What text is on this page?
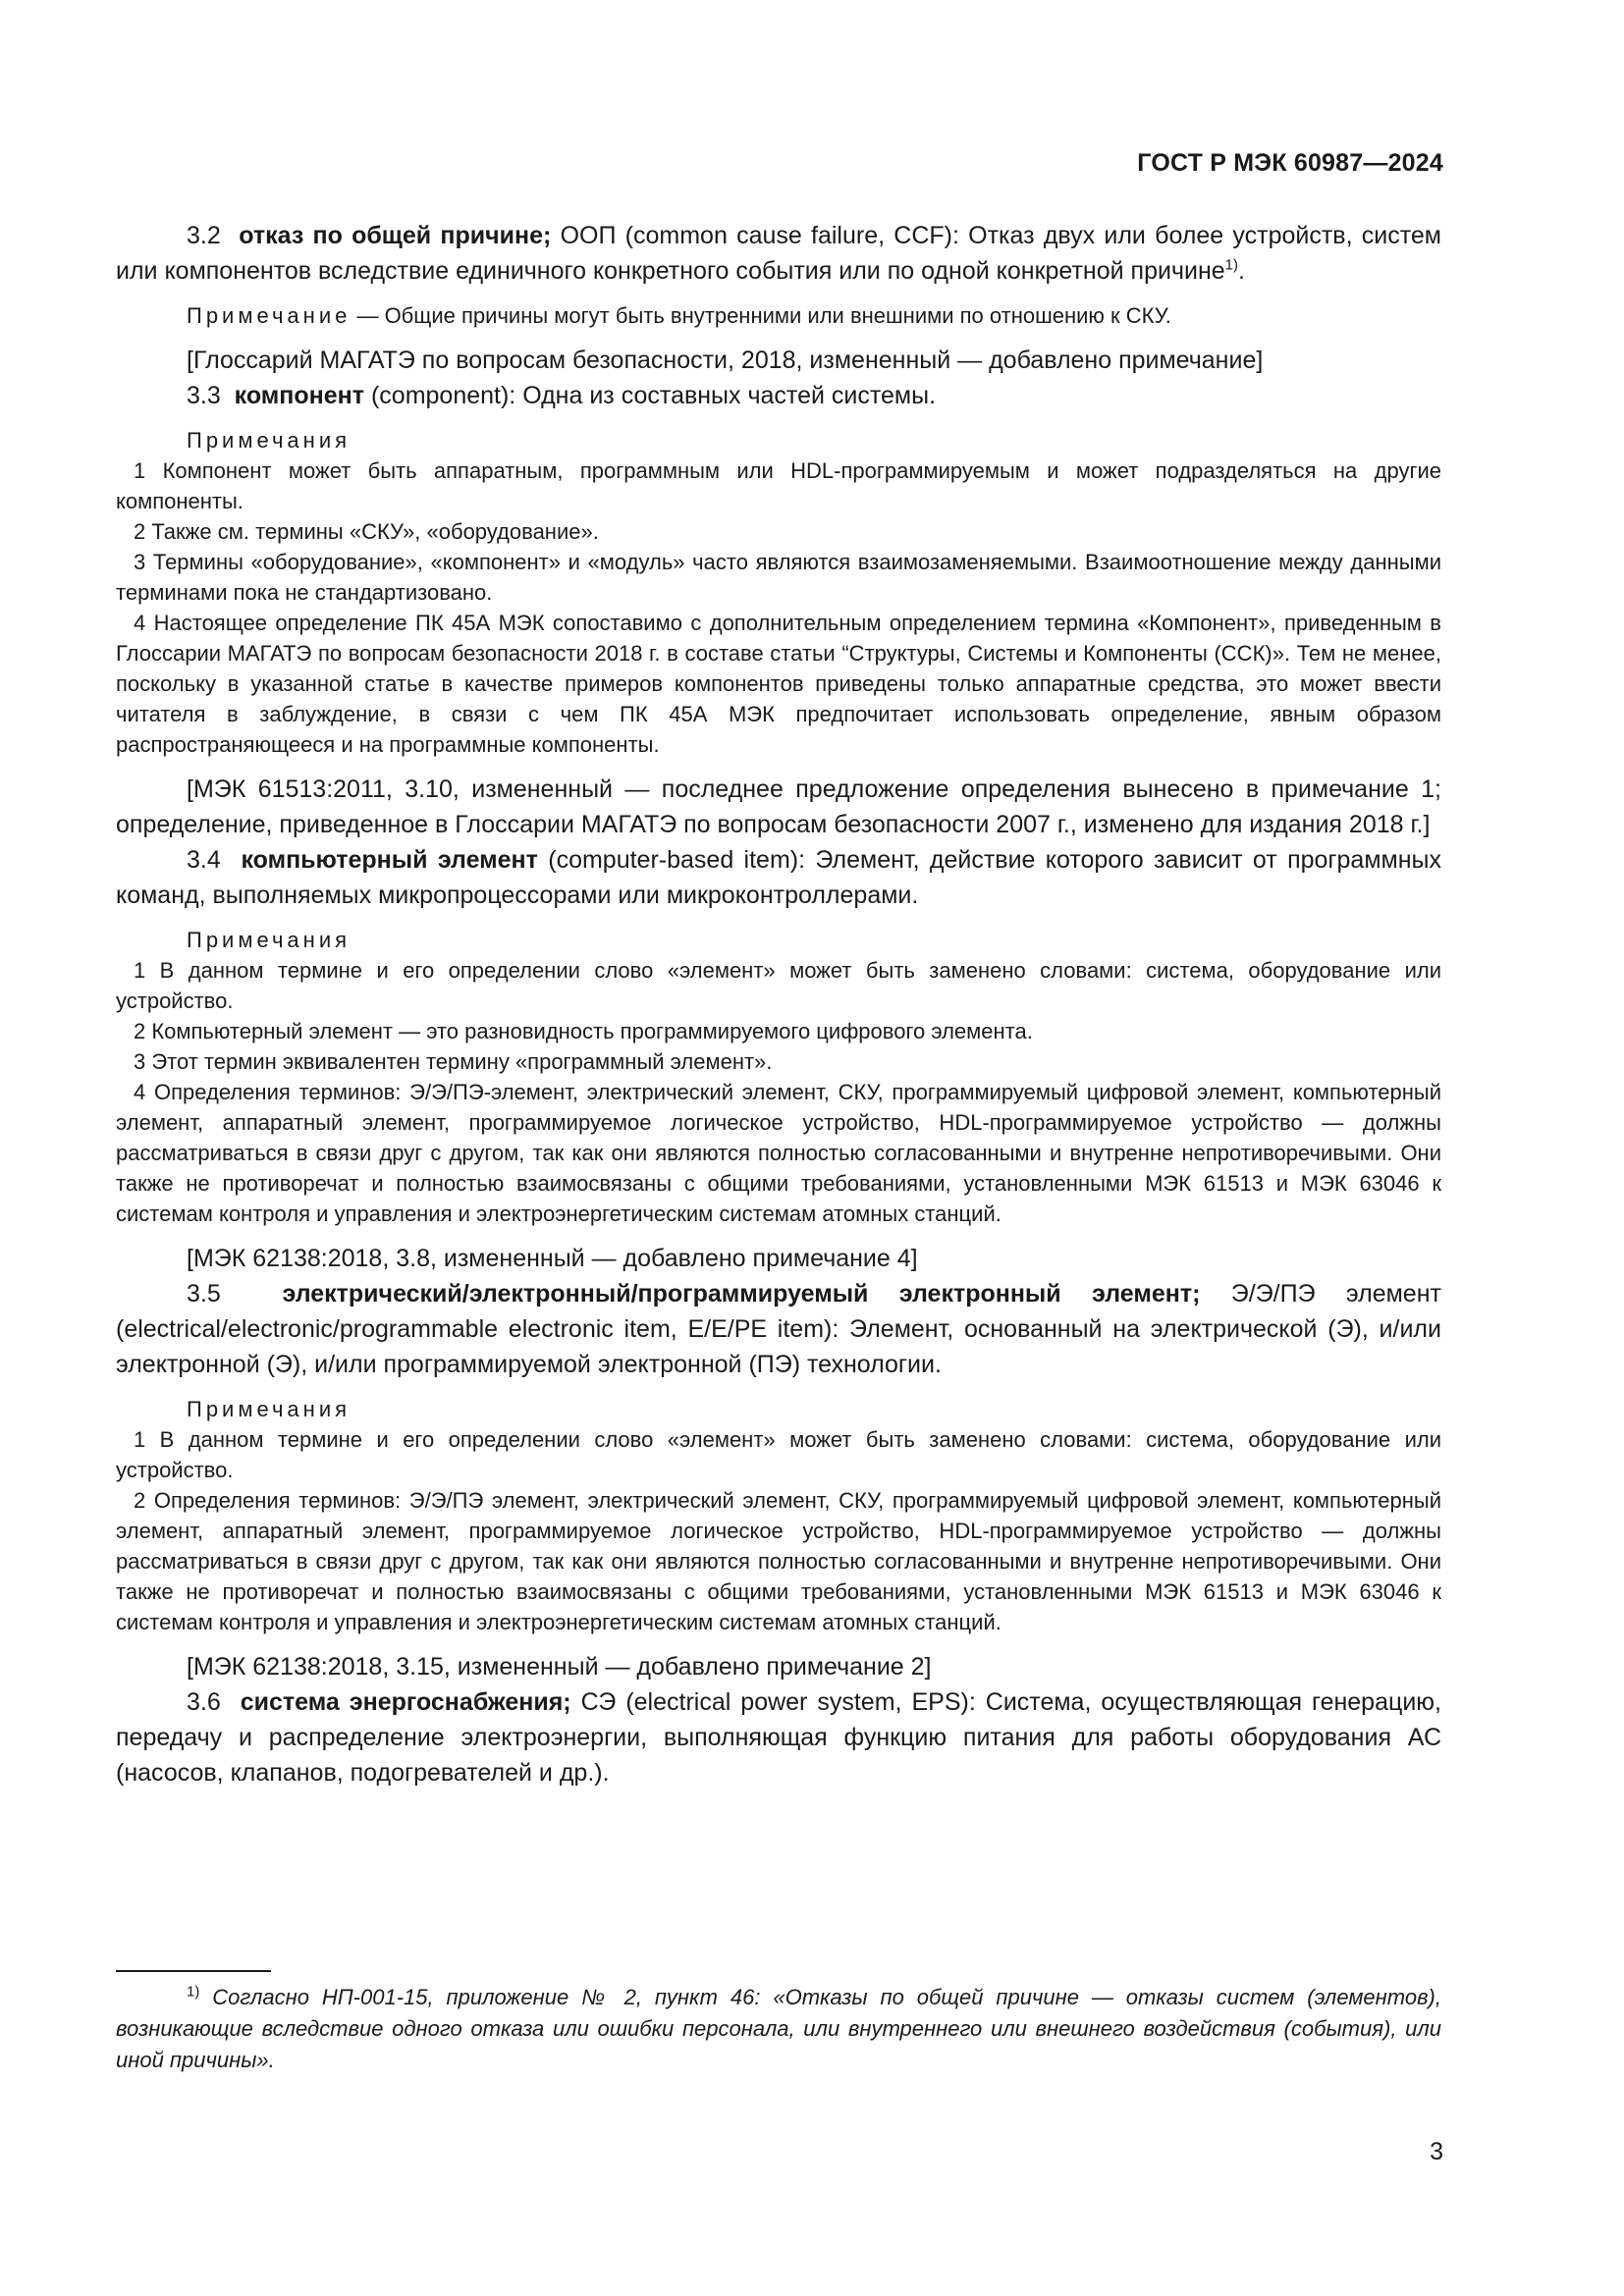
ГОСТ Р МЭК 60987—2024

3.2 отказ по общей причине; ООП (common cause failure, CCF): Отказ двух или более устройств, систем или компонентов вследствие единичного конкретного события или по одной конкретной причине$^{1)}$.

Примечание — Общие причины могут быть внутренними или внешними по отношению к СКУ.

[Глоссарий МАГАТЭ по вопросам безопасности, 2018, измененный — добавлено примечание]

3.3 компонент (component): Одна из составных частей системы.

Примечания

1 Компонент может быть аппаратным, программным или HDL-программируемым и может подразделяться на другие компоненты.

2 Также см. термины «СКУ», «оборудование».

3 Термины «оборудование», «компонент» и «модуль» часто являются взаимозаменяемыми. Взаимоотношение между данными терминами пока не стандартизовано.

4 Настоящее определение ПК 45А МЭК сопоставимо с дополнительным определением термина «Компонент», приведенным в Глоссарии МАГАТЭ по вопросам безопасности 2018 г. в составе статьи “Структуры, Системы и Компоненты (ССК)». Тем не менее, поскольку в указанной статье в качестве примеров компонентов приведены только аппаратные средства, это может ввести читателя в заблуждение, в связи с чем ПК 45А МЭК предпочитает использовать определение, явным образом распространяющееся и на программные компоненты.

[МЭК 61513:2011, 3.10, измененный — последнее предложение определения вынесено в примечание 1; определение, приведенное в Глоссарии МАГАТЭ по вопросам безопасности 2007 г., изменено для издания 2018 г.]

3.4 компьютерный элемент (computer-based item): Элемент, действие которого зависит от программных команд, выполняемых микропроцессорами или микроконтроллерами.

Примечания

1 В данном термине и его определении слово «элемент» может быть заменено словами: система, оборудование или устройство.

2 Компьютерный элемент — это разновидность программируемого цифрового элемента.

3 Этот термин эквивалентен термину «программный элемент».

4 Определения терминов: Э/Э/ПЭ-элемент, электрический элемент, СКУ, программируемый цифровой элемент, компьютерный элемент, аппаратный элемент, программируемое логическое устройство, HDL-программируемое устройство — должны рассматриваться в связи друг с другом, так как они являются полностью согласованными и внутренне непротиворечивыми. Они также не противоречат и полностью взаимосвязаны с общими требованиями, установленными МЭК 61513 и МЭК 63046 к системам контроля и управления и электроэнергетическим системам атомных станций.

[МЭК 62138:2018, 3.8, измененный — добавлено примечание 4]

3.5	электрический/электронный/программируемый электронный элемент; Э/Э/ПЭ элемент (electrical/electronic/programmable electronic item, E/E/PE item): Элемент, основанный на электрической (Э), и/или электронной (Э), и/или программируемой электронной (ПЭ) технологии.

Примечания

1 В данном термине и его определении слово «элемент» может быть заменено словами: система, оборудование или устройство.

2 Определения терминов: Э/Э/ПЭ элемент, электрический элемент, СКУ, программируемый цифровой элемент, компьютерный элемент, аппаратный элемент, программируемое логическое устройство, HDL-программируемое устройство — должны рассматриваться в связи друг с другом, так как они являются полностью согласованными и внутренне непротиворечивыми. Они также не противоречат и полностью взаимосвязаны с общими требованиями, установленными МЭК 61513 и МЭК 63046 к системам контроля и управления и электроэнергетическим системам атомных станций.

[МЭК 62138:2018, 3.15, измененный — добавлено примечание 2]

3.6 система энергоснабжения; СЭ (electrical power system, EPS): Система, осуществляющая генерацию, передачу и распределение электроэнергии, выполняющая функцию питания для работы оборудования АС (насосов, клапанов, подогревателей и др.).

$^{1)}$ Согласно НП-001-15, приложение № 2, пункт 46: «Отказы по общей причине — отказы систем (элементов), возникающие вследствие одного отказа или ошибки персонала, или внутреннего или внешнего воздействия (события), или иной причины».

3
